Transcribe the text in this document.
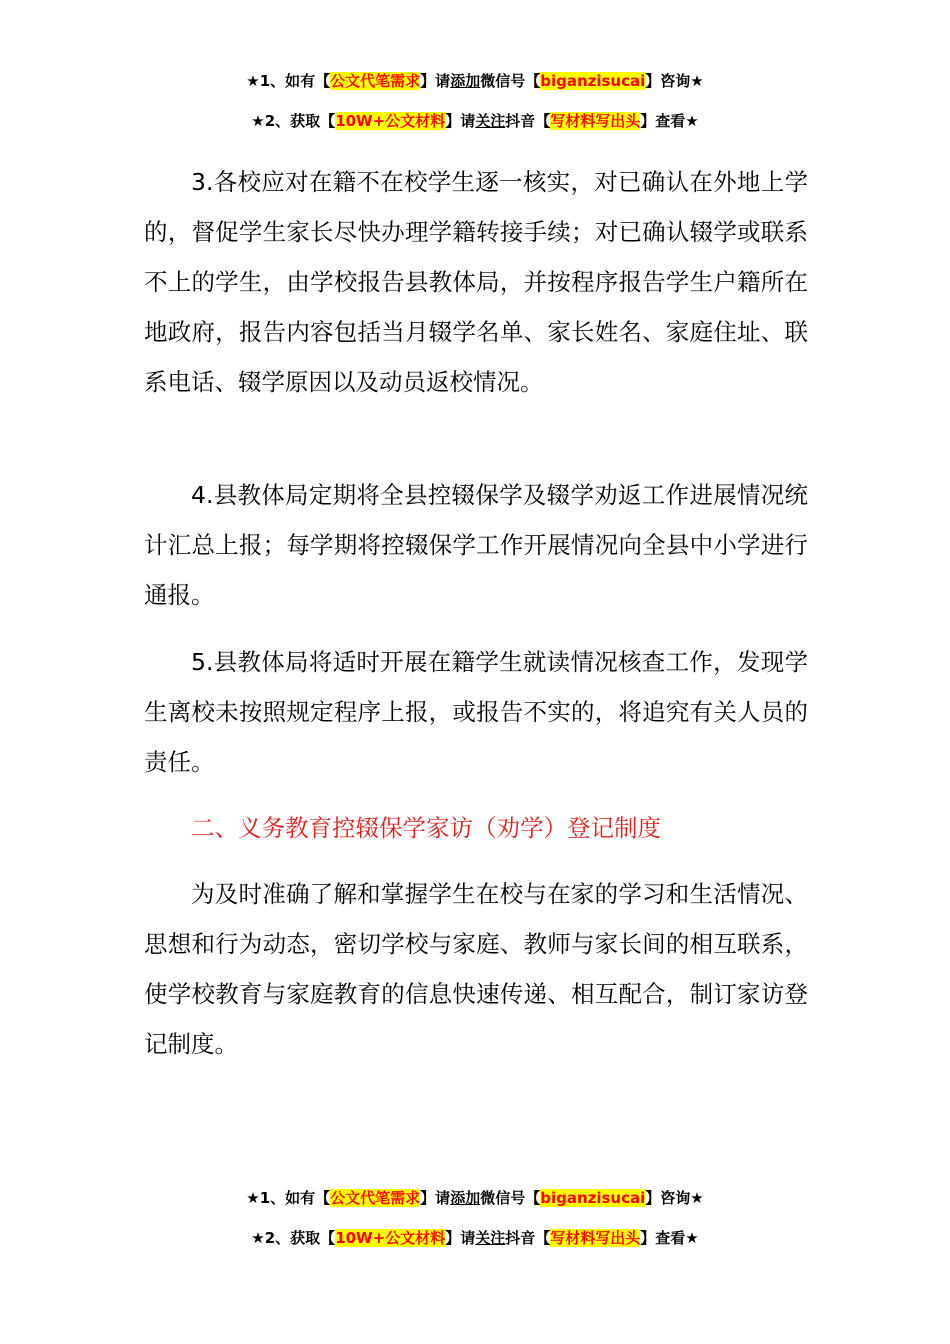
★1、如有【公文代笔需求】请添加微信号【biganzisucai】咨询★
★2、获取【10W+公文材料】请关注抖音【写材料写出头】查看★

3.各校应对在籍不在校学生逐一核实，对已确认在外地上学的，督促学生家长尽快办理学籍转接手续；对已确认辍学或联系不上的学生，由学校报告县教体局，并按程序报告学生户籍所在地政府，报告内容包括当月辍学名单、家长姓名、家庭住址、联系电话、辍学原因以及动员返校情况。

4.县教体局定期将全县控辍保学及辍学劝返工作进展情况统计汇总上报；每学期将控辍保学工作开展情况向全县中小学进行通报。

5.县教体局将适时开展在籍学生就读情况核查工作，发现学生离校未按照规定程序上报，或报告不实的，将追究有关人员的责任。

二、义务教育控辍保学家访（劝学）登记制度

为及时准确了解和掌握学生在校与在家的学习和生活情况、思想和行为动态，密切学校与家庭、教师与家长间的相互联系，使学校教育与家庭教育的信息快速传递、相互配合，制订家访登记制度。

★1、如有【公文代笔需求】请添加微信号【biganzisucai】咨询★
★2、获取【10W+公文材料】请关注抖音【写材料写出头】查看★
